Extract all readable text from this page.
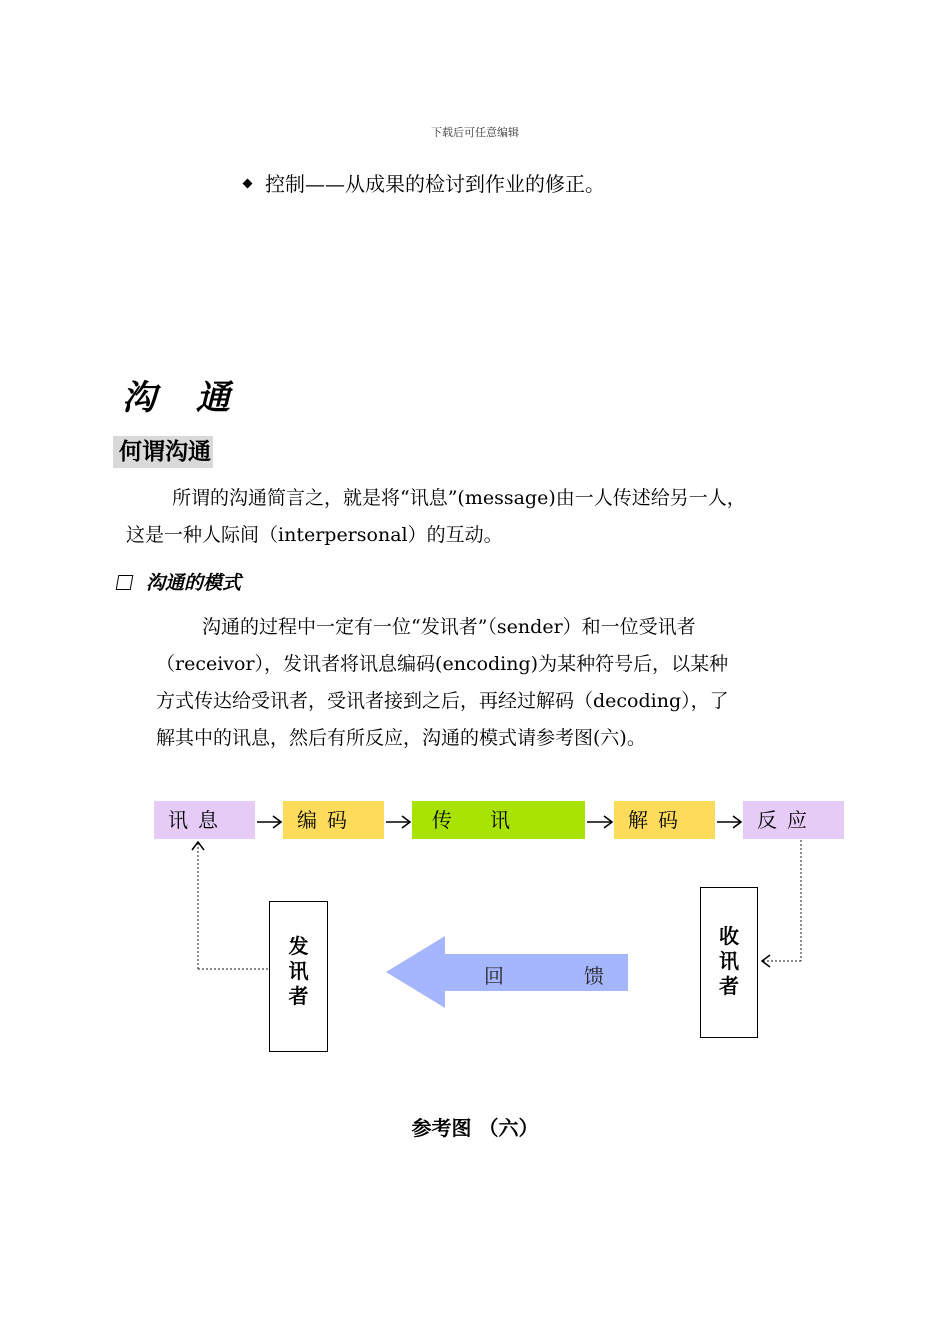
下载后可任意编辑
控制——从成果的检讨到作业的修正。
沟 通
何谓沟通
所谓的沟通简言之，就是将“讯息”(message)由一人传述给另一人，
这是一种人际间（interpersonal）的互动。
沟通的模式
沟通的过程中一定有一位“发讯者”（sender）和一位受讯者
（receivor），发讯者将讯息编码(encoding)为某种符号后，以某种
方式传达给受讯者，受讯者接到之后，再经过解码（decoding），了
解其中的讯息，然后有所反应，沟通的模式请参考图(六)。
讯息	编码	传讯	解码	反应
发讯者
收讯者
回	馈
参考图 （六）
